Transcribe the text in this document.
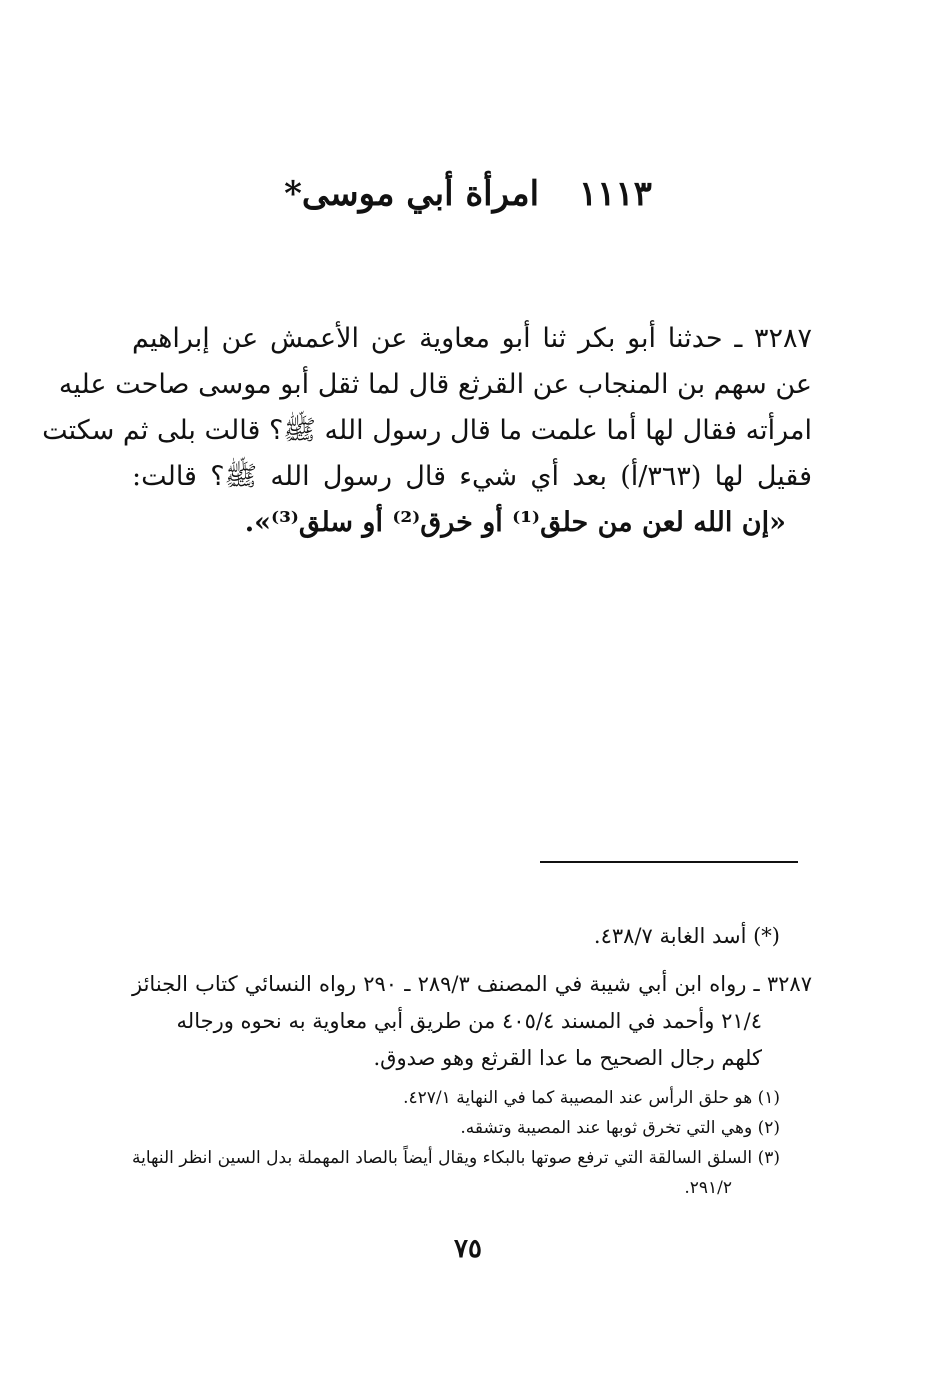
١١١٣ امرأة أبي موسى*
٣٢٨٧ ـ حدثنا أبو بكر ثنا أبو معاوية عن الأعمش عن إبراهيم
عن سهم بن المنجاب عن القرثع قال لما ثقل أبو موسى صاحت عليه
امرأته فقال لها أما علمت ما قال رسول الله ﷺ؟ قالت بلى ثم سكتت
فقيل لها (٣٦٣/أ) بعد أي شيء قال رسول الله ﷺ؟ قالت:
«إن الله لعن من حلق⁽¹⁾ أو خرق⁽²⁾ أو سلق⁽³⁾».
(*) أسد الغابة ٤٣٨/٧.
٣٢٨٧ ـ رواه ابن أبي شيبة في المصنف ٢٨٩/٣ ـ ٢٩٠ رواه النسائي كتاب الجنائز
٢١/٤ وأحمد في المسند ٤٠٥/٤ من طريق أبي معاوية به نحوه ورجاله
كلهم رجال الصحيح ما عدا القرثع وهو صدوق.
(١) هو حلق الرأس عند المصيبة كما في النهاية ٤٢٧/١.
(٢) وهي التي تخرق ثوبها عند المصيبة وتشقه.
(٣) السلق السالقة التي ترفع صوتها بالبكاء ويقال أيضاً بالصاد المهملة بدل السين انظر النهاية
٢٩١/٢.
٧٥
